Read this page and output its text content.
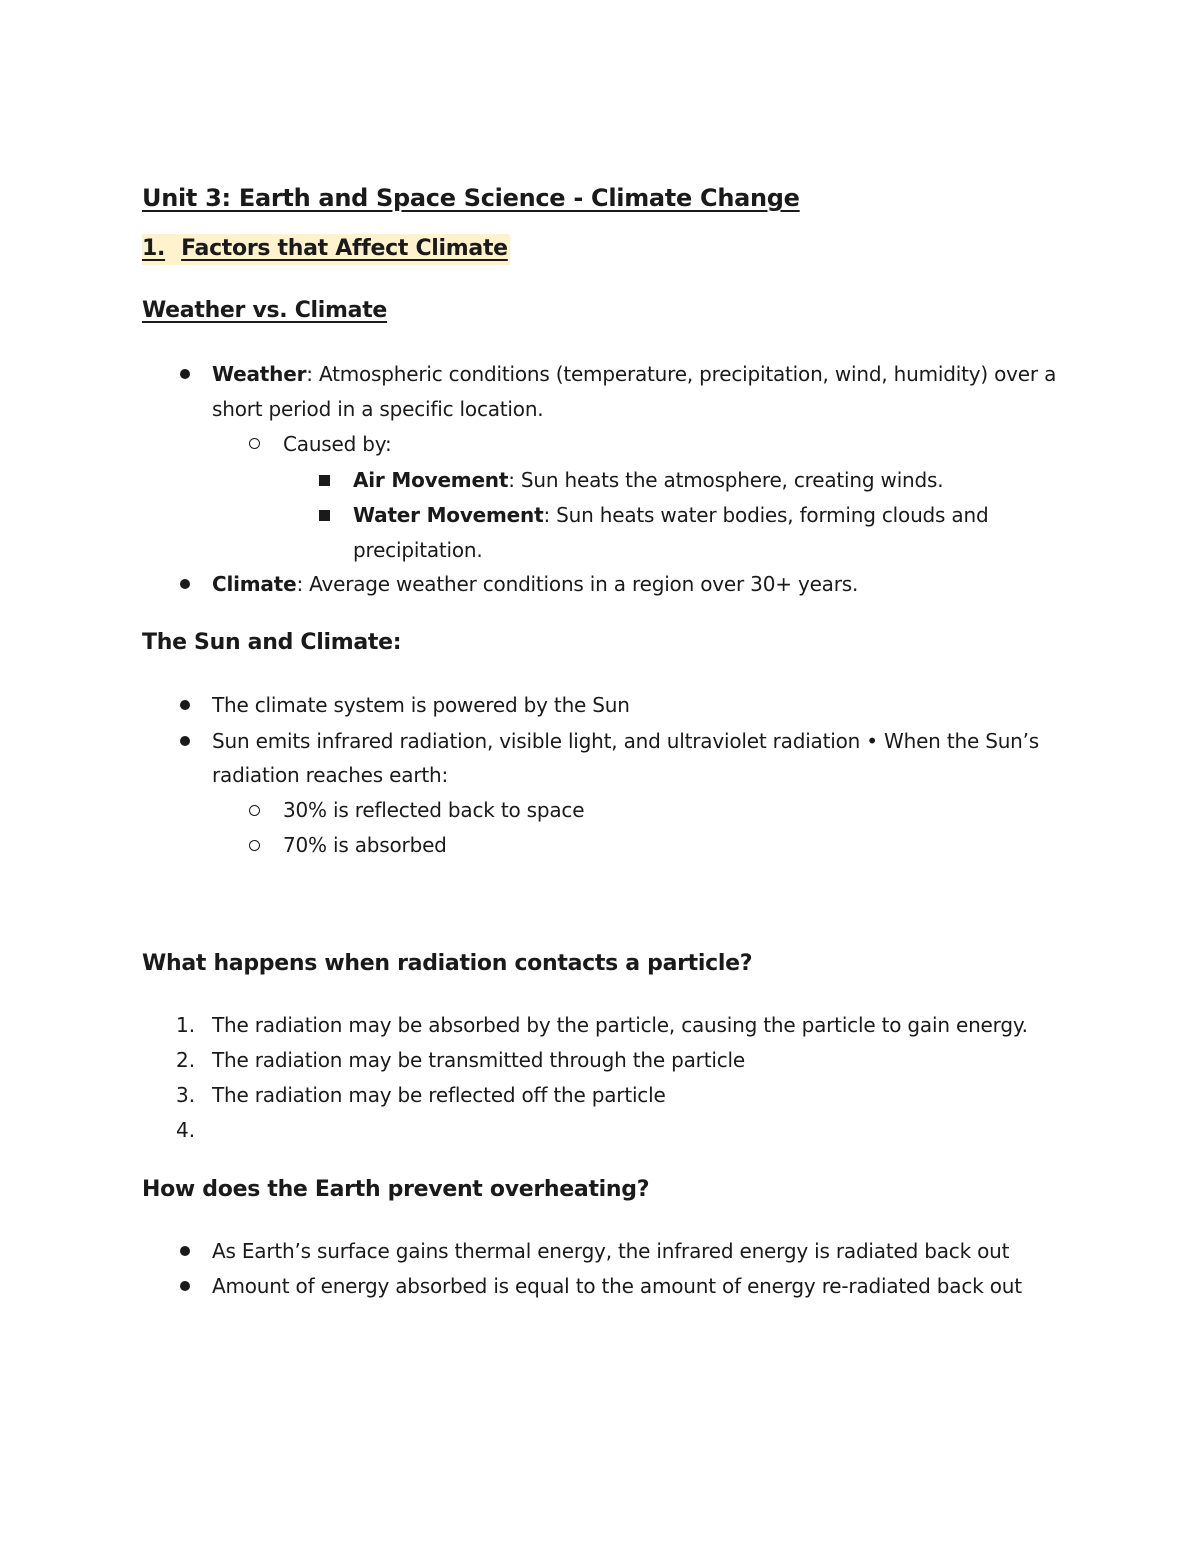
Unit 3: Earth and Space Science - Climate Change
1. Factors that Affect Climate
Weather vs. Climate
Weather: Atmospheric conditions (temperature, precipitation, wind, humidity) over a
short period in a specific location.
Caused by:
Air Movement: Sun heats the atmosphere, creating winds.
Water Movement: Sun heats water bodies, forming clouds and
precipitation.
Climate: Average weather conditions in a region over 30+ years.
The Sun and Climate:
The climate system is powered by the Sun
Sun emits infrared radiation, visible light, and ultraviolet radiation • When the Sun’s
radiation reaches earth:
30% is reflected back to space
70% is absorbed
What happens when radiation contacts a particle?
1. The radiation may be absorbed by the particle, causing the particle to gain energy.
2. The radiation may be transmitted through the particle
3. The radiation may be reflected off the particle
4.
How does the Earth prevent overheating?
As Earth’s surface gains thermal energy, the infrared energy is radiated back out
Amount of energy absorbed is equal to the amount of energy re-radiated back out
